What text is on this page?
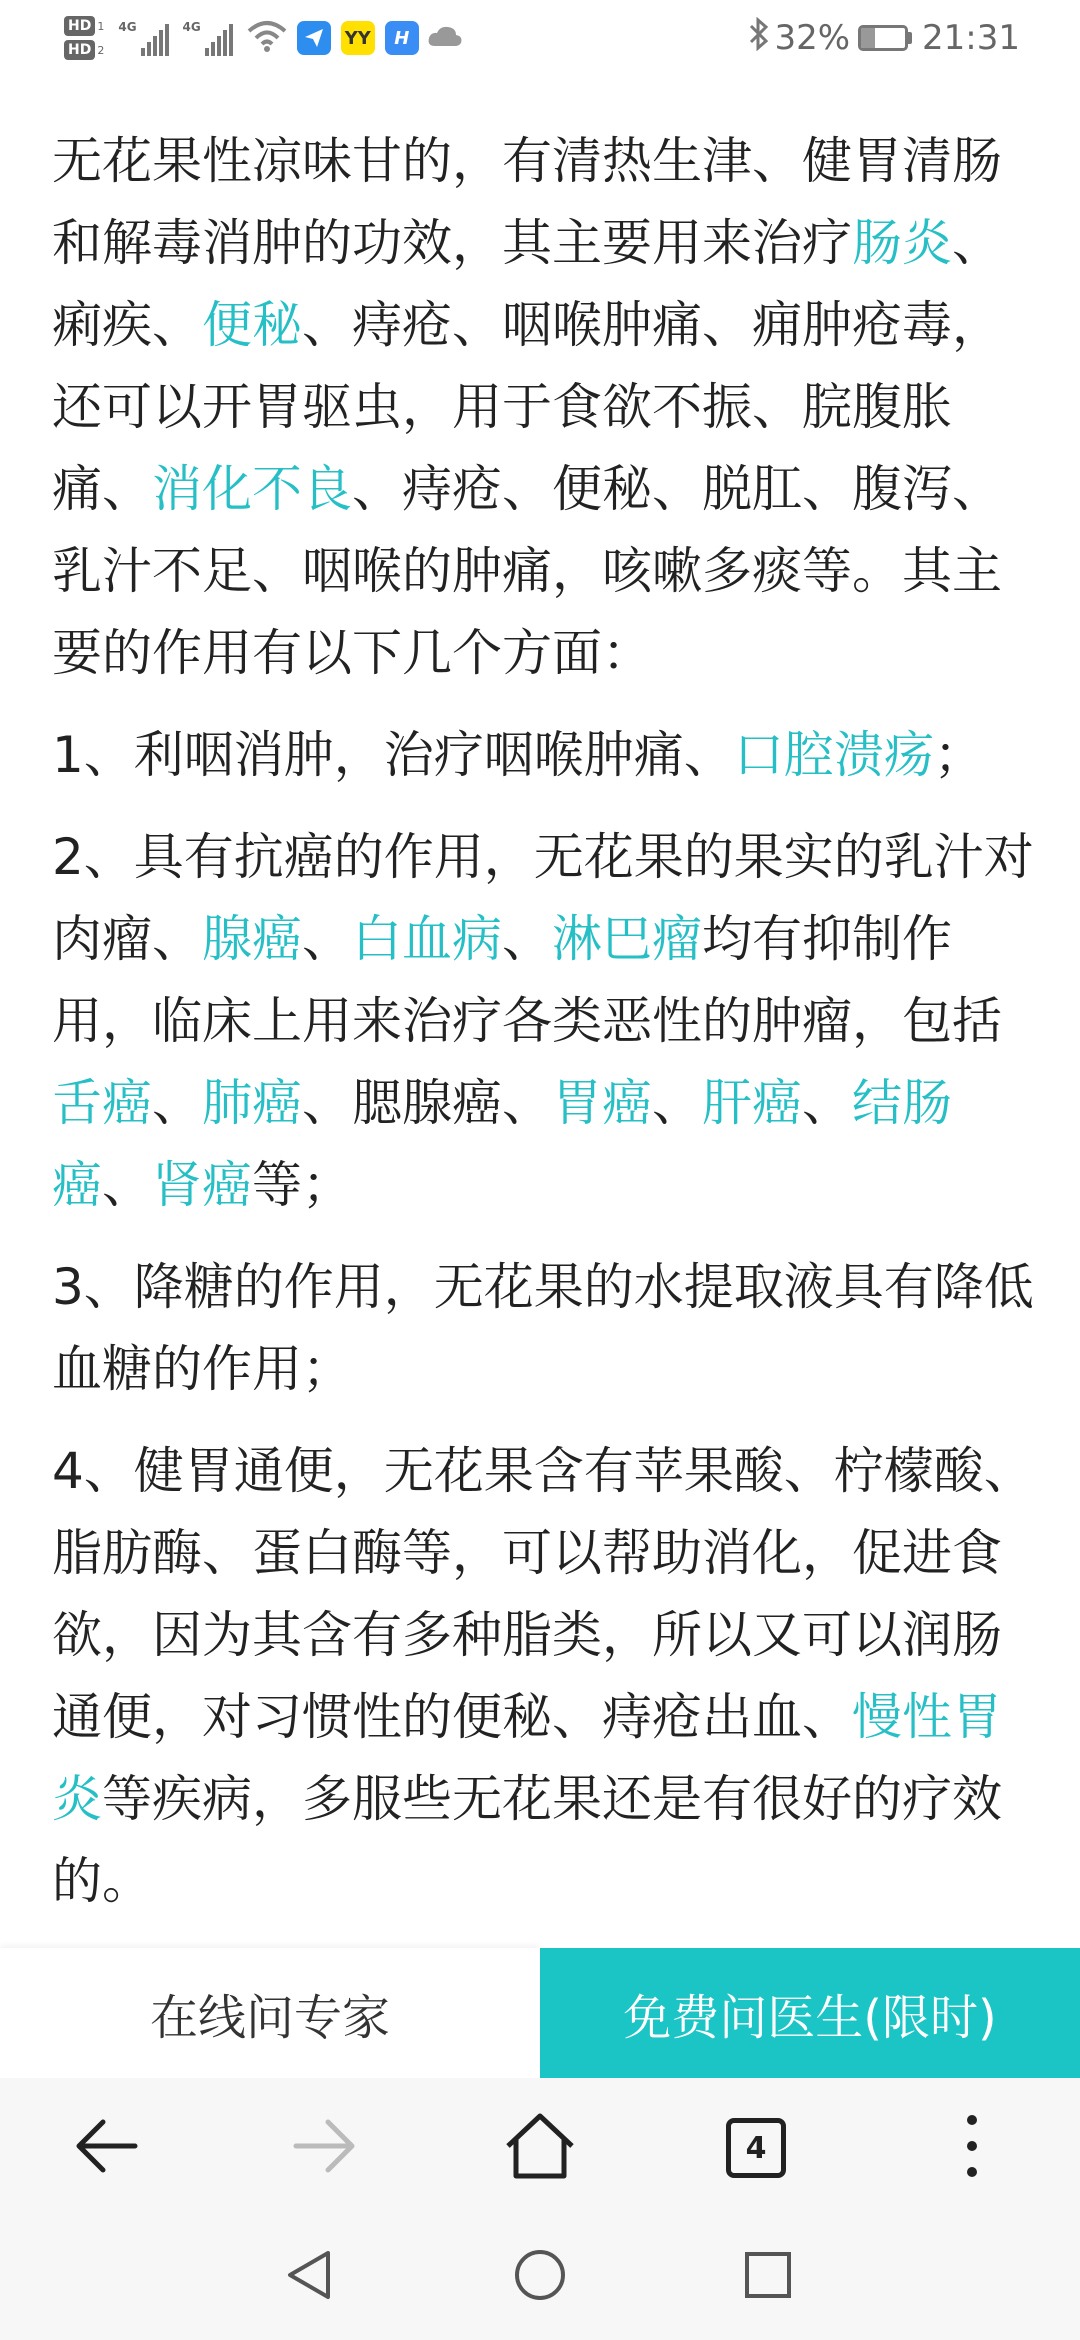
HD 1
HD 2
4G	4G
YY	H	32% 21:31

无花果性凉味甘的，有清热生津、健胃清肠和解毒消肿的功效，其主要用来治疗肠炎、痢疾、便秘、痔疮、咽喉肿痛、痈肿疮毒，还可以开胃驱虫，用于食欲不振、脘腹胀痛、消化不良、痔疮、便秘、脱肛、腹泻、乳汁不足、咽喉的肿痛，咳嗽多痰等。其主要的作用有以下几个方面：

1、利咽消肿，治疗咽喉肿痛、口腔溃疡；

2、具有抗癌的作用，无花果的果实的乳汁对肉瘤、腺癌、白血病、淋巴瘤均有抑制作用，临床上用来治疗各类恶性的肿瘤，包括舌癌、肺癌、腮腺癌、胃癌、肝癌、结肠癌、肾癌等；

3、降糖的作用，无花果的水提取液具有降低血糖的作用；

4、健胃通便，无花果含有苹果酸、柠檬酸、脂肪酶、蛋白酶等，可以帮助消化，促进食欲，因为其含有多种脂类，所以又可以润肠通便，对习惯性的便秘、痔疮出血、慢性胃炎等疾病，多服些无花果还是有很好的疗效的。

在线问专家	免费问医生(限时)
4
